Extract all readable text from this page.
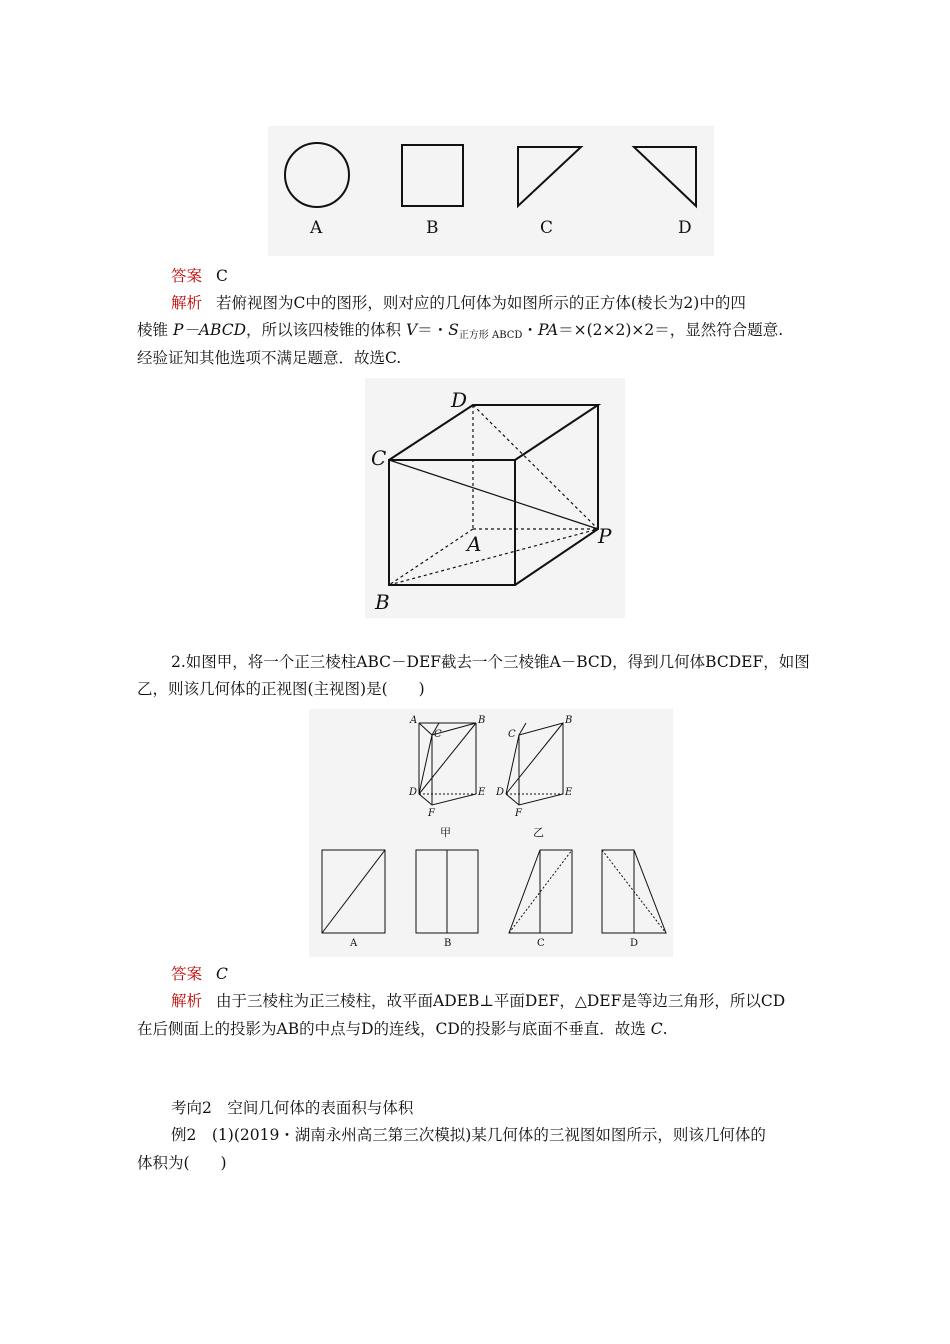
A	B	C	D
答案 C
解析 若俯视图为C中的图形，则对应的几何体为如图所示的正方体(棱长为2)中的四
棱锥 P－ABCD，所以该四棱锥的体积 V＝・$S_{正方形 ABCD}$・PA＝×(2×2)×2＝，显然符合题意.
经验证知其他选项不满足题意．故选C.
D
C
A	P
B
2.如图甲，将一个正三棱柱ABC－DEF截去一个三棱锥A－BCD，得到几何体BCDEF，如图
乙，则该几何体的正视图(主视图)是(　　)
A	B
C
D	E
F
甲
B
C
D	E
F
乙
A	B	C	D
答案 C
解析 由于三棱柱为正三棱柱，故平面ADEB⊥平面DEF，△DEF是等边三角形，所以CD
在后侧面上的投影为AB的中点与D的连线，CD的投影与底面不垂直．故选 C.
考向2　空间几何体的表面积与体积
例2　(1)(2019・湖南永州高三第三次模拟)某几何体的三视图如图所示，则该几何体的
体积为(　　)
